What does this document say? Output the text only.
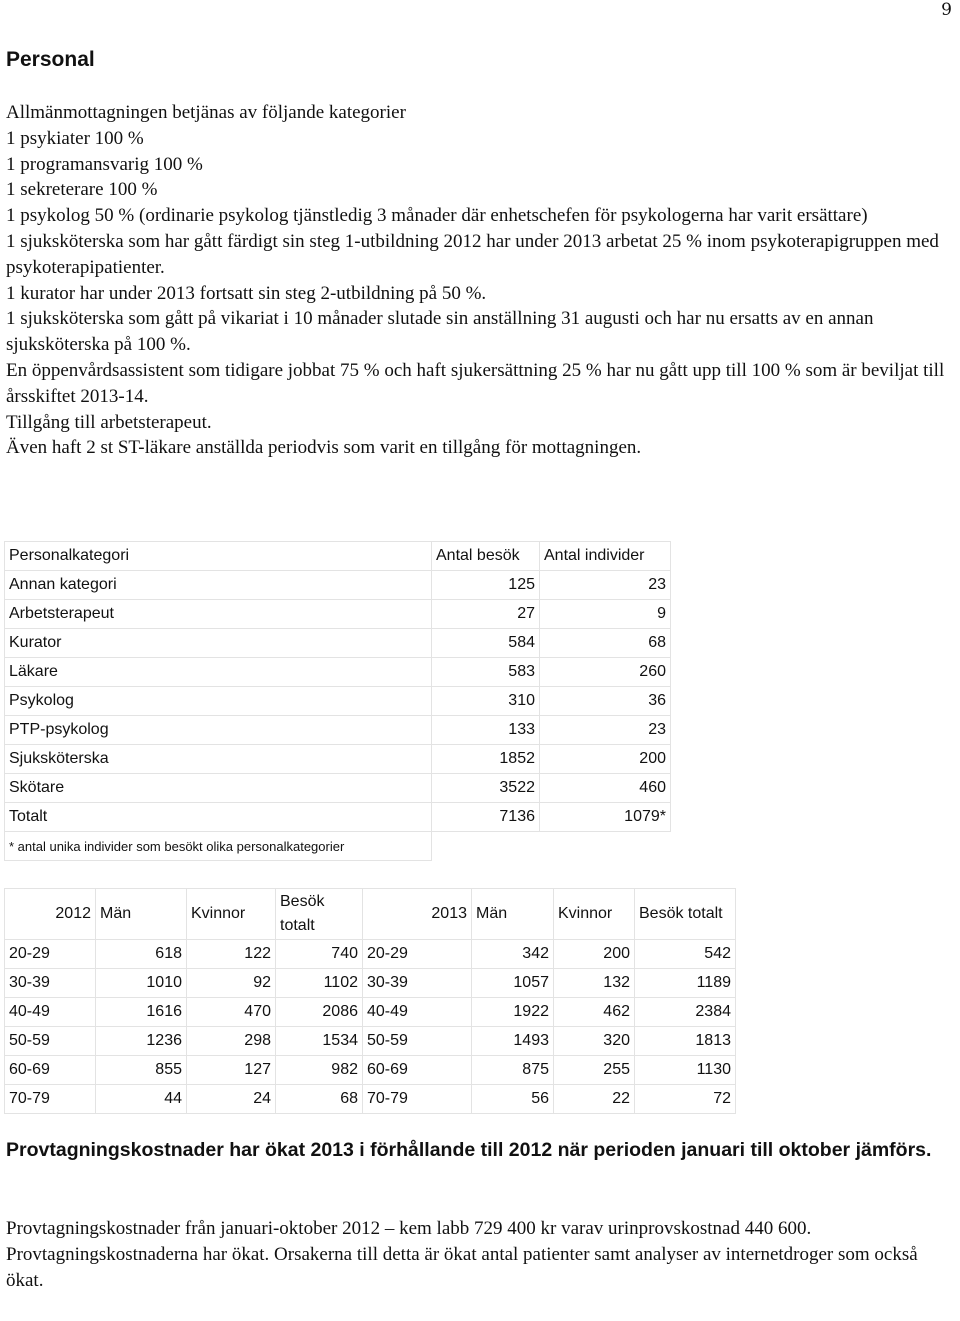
9
Personal

Allmänmottagningen betjänas av följande kategorier

1 psykiater 100 %

1 programansvarig 100 %

1 sekreterare 100 %

1 psykolog 50 % (ordinarie psykolog tjänstledig 3 månader där enhetschefen för psykologerna har varit ersättare)

1 sjuksköterska som har gått färdigt sin steg 1-utbildning 2012 har under 2013 arbetat 25 % inom psykoterapigruppen med psykoterapipatienter.

1 kurator har under 2013 fortsatt sin steg 2-utbildning på 50 %.

1 sjuksköterska som gått på vikariat i 10 månader slutade sin anställning 31 augusti och har nu ersatts av en annan sjuksköterska på 100 %.

En öppenvårdsassistent som tidigare jobbat 75 % och haft sjukersättning 25 % har nu gått upp till 100 % som är beviljat till årsskiftet 2013-14.

Tillgång till arbetsterapeut.

Även haft 2 st ST-läkare anställda periodvis som varit en tillgång för mottagningen.

Personalkategori	Antal besök	Antal individer
Annan kategori	125	23
Arbetsterapeut	27	9
Kurator	584	68
Läkare	583	260
Psykolog	310	36
PTP-psykolog	133	23
Sjuksköterska	1852	200
Skötare	3522	460
Totalt	7136	1079*
* antal unika individer som besökt olika personalkategorier		
2012	Män	Kvinnor	Besök totalt	2013	Män	Kvinnor	Besök totalt
20-29	618	122	740	20-29	342	200	542
30-39	1010	92	1102	30-39	1057	132	1189
40-49	1616	470	2086	40-49	1922	462	2384
50-59	1236	298	1534	50-59	1493	320	1813
60-69	855	127	982	60-69	875	255	1130
70-79	44	24	68	70-79	56	22	72
Provtagningskostnader har ökat 2013 i förhållande till 2012 när perioden januari till oktober jämförs.

Provtagningskostnader från januari-oktober 2012 – kem labb 729 400 kr varav urinprovskostnad 440 600.

Provtagningskostnaderna har ökat. Orsakerna till detta är ökat antal patienter samt analyser av internetdroger som också ökat.
